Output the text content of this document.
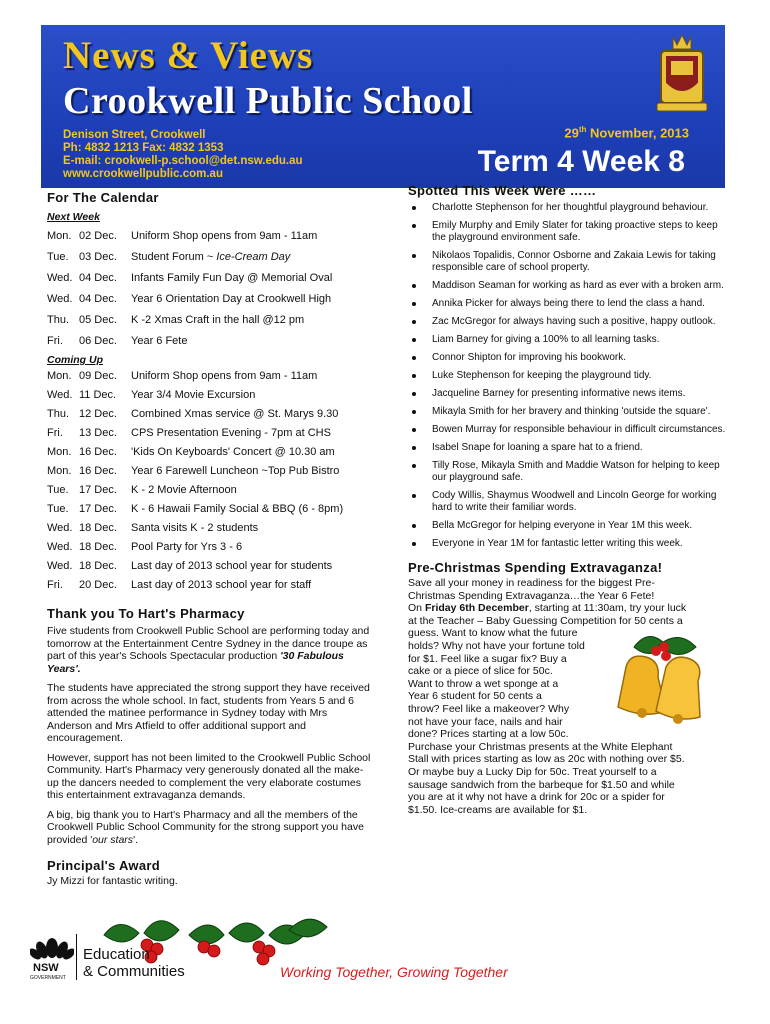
News & Views
Crookwell Public School
Denison Street, Crookwell
Ph: 4832 1213 Fax: 4832 1353
E-mail: crookwell-p.school@det.nsw.edu.au
www.crookwellpublic.com.au
29th November, 2013
Term 4 Week 8
For The Calendar
Next Week
Mon. 02 Dec.	Uniform Shop opens from 9am - 11am
Tue. 03 Dec.	Student Forum ~ Ice-Cream Day
Wed. 04 Dec.	Infants Family Fun Day @ Memorial Oval
Wed. 04 Dec.	Year 6 Orientation Day at Crookwell High
Thu. 05 Dec.	K -2 Xmas Craft in the hall @12 pm
Fri.	06 Dec.	Year 6 Fete
Coming Up
Mon. 09 Dec.	Uniform Shop opens from 9am - 11am
Wed. 11 Dec.	Year 3/4 Movie Excursion
Thu. 12 Dec.	Combined Xmas service @ St. Marys 9.30
Fri.	13 Dec.	CPS Presentation Evening - 7pm at CHS
Mon. 16 Dec.	'Kids On Keyboards' Concert @ 10.30 am
Mon. 16 Dec.	Year 6 Farewell Luncheon ~Top Pub Bistro
Tue. 17 Dec.	K - 2 Movie Afternoon
Tue. 17 Dec.	K - 6 Hawaii Family Social & BBQ (6 - 8pm)
Wed. 18 Dec.	Santa visits K - 2 students
Wed. 18 Dec.	Pool Party for Yrs 3 - 6
Wed. 18 Dec.	Last day of 2013 school year for students
Fri.	20 Dec.	Last day of 2013 school year for staff
Thank you To Hart's Pharmacy

Five students from Crookwell Public School are performing today and tomorrow at the Entertainment Centre Sydney in the dance troupe as part of this year's Schools Spectacular production '30 Fabulous Years'.

The students have appreciated the strong support they have received from across the whole school. In fact, students from Years 5 and 6 attended the matinee performance in Sydney today with Mrs Anderson and Mrs Atfield to offer additional support and encouragement.

However, support has not been limited to the Crookwell Public School Community. Hart's Pharmacy very generously donated all the make-up the dancers needed to complement the very elaborate costumes this entertainment extravaganza demands.

A big, big thank you to Hart's Pharmacy and all the members of the Crookwell Public School Community for the strong support you have provided 'our stars'.

Principal's Award
Jy Mizzi for fantastic writing.
Spotted This Week Were ……
Charlotte Stephenson for her thoughtful playground behaviour.
Emily Murphy and Emily Slater for taking proactive steps to keep the playground environment safe.
Nikolaos Topalidis, Connor Osborne and Zakaia Lewis for taking responsible care of school property.
Maddison Seaman for working as hard as ever with a broken arm.
Annika Picker for always being there to lend the class a hand.
Zac McGregor for always having such a positive, happy outlook.
Liam Barney for giving a 100% to all learning tasks.
Connor Shipton for improving his bookwork.
Luke Stephenson for keeping the playground tidy.
Jacqueline Barney for presenting informative news items.
Mikayla Smith for her bravery and thinking 'outside the square'.
Bowen Murray for responsible behaviour in difficult circumstances.
Isabel Snape for loaning a spare hat to a friend.
Tilly Rose, Mikayla Smith and Maddie Watson for helping to keep our playground safe.
Cody Willis, Shaymus Woodwell and Lincoln George for working hard to write their familiar words.
Bella McGregor for helping everyone in Year 1M this week.
Everyone in Year 1M for fantastic letter writing this week.
Pre-Christmas Spending Extravaganza!
Save all your money in readiness for the biggest Pre-
Christmas Spending Extravaganza…the Year 6 Fete!
On Friday 6th December, starting at 11:30am, try your luck
at the Teacher – Baby Guessing Competition for 50 cents a
guess. Want to know what the future
holds? Why not have your fortune told
for $1. Feel like a sugar fix? Buy a
cake or a piece of slice for 50c.
Want to throw a wet sponge at a
Year 6 student for 50 cents a
throw? Feel like a makeover? Why
not have your face, nails and hair
done? Prices starting at a low 50c.
Purchase your Christmas presents at the White Elephant
Stall with prices starting as low as 20c with nothing over $5.
Or maybe buy a Lucky Dip for 50c. Treat yourself to a
sausage sandwich from the barbeque for $1.50 and while
you are at it why not have a drink for 20c or a spider for
$1.50. Ice-creams are available for $1.
NSW
GOVERNMENT
Education
& Communities	Working Together, Growing Together
